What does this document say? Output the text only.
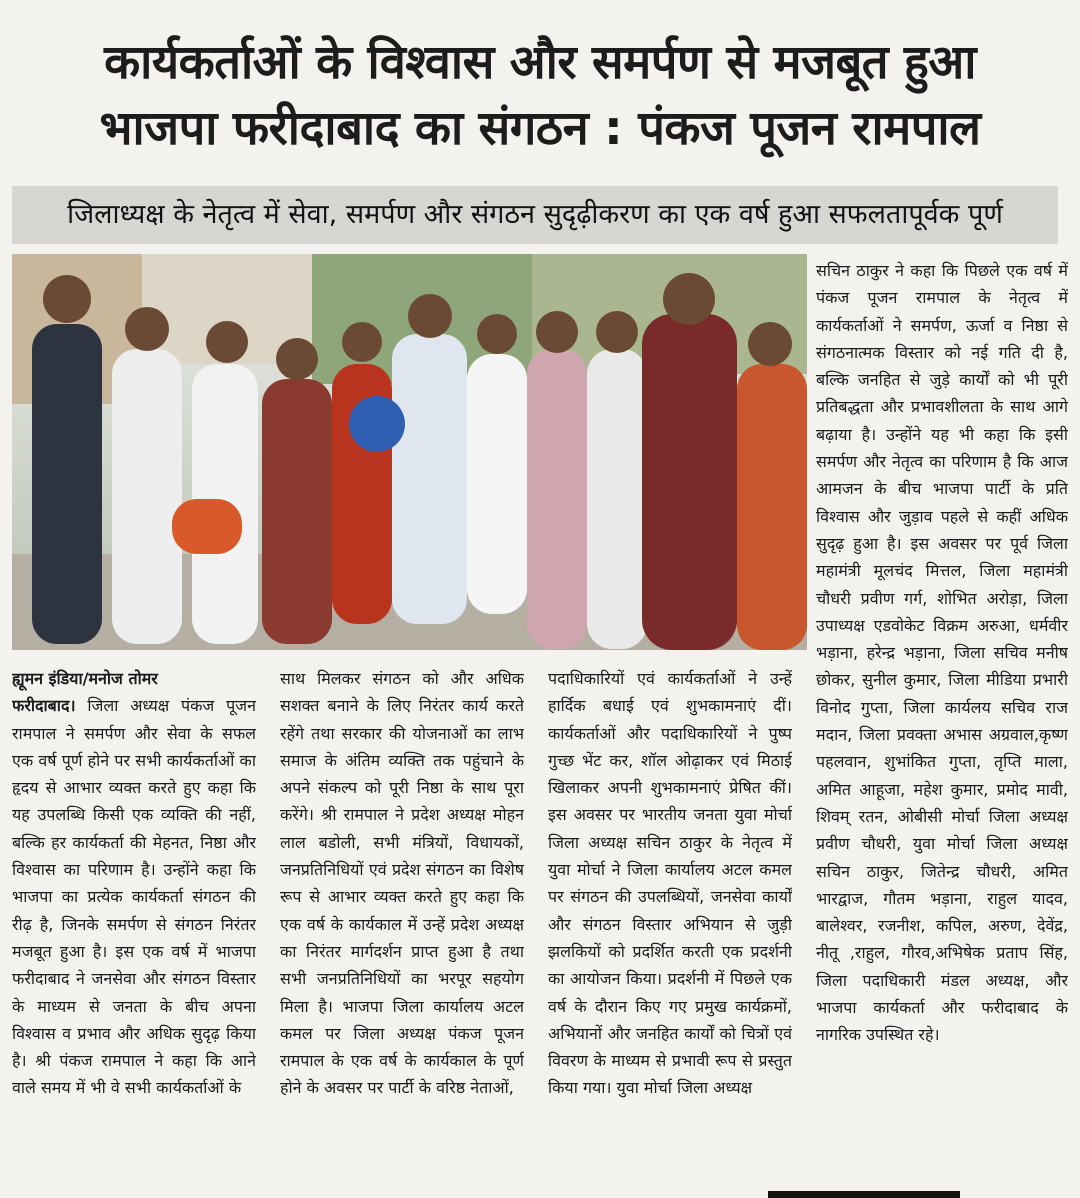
कार्यकर्ताओं के विश्वास और समर्पण से मजबूत हुआ
भाजपा फरीदाबाद का संगठन : पंकज पूजन रामपाल
जिलाध्यक्ष के नेतृत्व में सेवा, समर्पण और संगठन सुदृढ़ीकरण का एक वर्ष हुआ सफलतापूर्वक पूर्ण

सचिन ठाकुर ने कहा कि पिछले एक वर्ष में पंकज पूजन रामपाल के नेतृत्व में कार्यकर्ताओं ने समर्पण, ऊर्जा व निष्ठा से संगठनात्मक विस्तार को नई गति दी है, बल्कि जनहित से जुड़े कार्यों को भी पूरी प्रतिबद्धता और प्रभावशीलता के साथ आगे बढ़ाया है। उन्होंने यह भी कहा कि इसी समर्पण और नेतृत्व का परिणाम है कि आज आमजन के बीच भाजपा पार्टी के प्रति विश्वास और जुड़ाव पहले से कहीं अधिक सुदृढ़ हुआ है। इस अवसर पर पूर्व जिला महामंत्री मूलचंद मित्तल, जिला महामंत्री चौधरी प्रवीण गर्ग, शोभित अरोड़ा, जिला उपाध्यक्ष एडवोकेट विक्रम अरुआ, धर्मवीर भड़ाना, हरेन्द्र भड़ाना, जिला सचिव मनीष छोकर, सुनील कुमार, जिला मीडिया प्रभारी विनोद गुप्ता, जिला कार्यलय सचिव राज मदान, जिला प्रवक्ता अभास अग्रवाल,कृष्ण पहलवान, शुभांकित गुप्ता, तृप्ति माला, अमित आहूजा, महेश कुमार, प्रमोद मावी, शिवम् रतन, ओबीसी मोर्चा जिला अध्यक्ष प्रवीण चौधरी, युवा मोर्चा जिला अध्यक्ष सचिन ठाकुर, जितेन्द्र चौधरी, अमित भारद्वाज, गौतम भड़ाना, राहुल यादव, बालेश्वर, रजनीश, कपिल, अरुण, देवेंद्र, नीतू ,राहुल, गौरव,अभिषेक प्रताप सिंह, जिला पदाधिकारी मंडल अध्यक्ष, और भाजपा कार्यकर्ता और फरीदाबाद के नागरिक उपस्थित रहे।

ह्यूमन इंडिया/मनोज तोमर
फरीदाबाद। जिला अध्यक्ष पंकज पूजन रामपाल ने समर्पण और सेवा के सफल एक वर्ष पूर्ण होने पर सभी कार्यकर्ताओं का हृदय से आभार व्यक्त करते हुए कहा कि यह उपलब्धि किसी एक व्यक्ति की नहीं, बल्कि हर कार्यकर्ता की मेहनत, निष्ठा और विश्वास का परिणाम है। उन्होंने कहा कि भाजपा का प्रत्येक कार्यकर्ता संगठन की रीढ़ है, जिनके समर्पण से संगठन निरंतर मजबूत हुआ है। इस एक वर्ष में भाजपा फरीदाबाद ने जनसेवा और संगठन विस्तार के माध्यम से जनता के बीच अपना विश्वास व प्रभाव और अधिक सुदृढ़ किया है। श्री पंकज रामपाल ने कहा कि आने वाले समय में भी वे सभी कार्यकर्ताओं के

साथ मिलकर संगठन को और अधिक सशक्त बनाने के लिए निरंतर कार्य करते रहेंगे तथा सरकार की योजनाओं का लाभ समाज के अंतिम व्यक्ति तक पहुंचाने के अपने संकल्प को पूरी निष्ठा के साथ पूरा करेंगे। श्री रामपाल ने प्रदेश अध्यक्ष मोहन लाल बडोली, सभी मंत्रियों, विधायकों, जनप्रतिनिधियों एवं प्रदेश संगठन का विशेष रूप से आभार व्यक्त करते हुए कहा कि एक वर्ष के कार्यकाल में उन्हें प्रदेश अध्यक्ष का निरंतर मार्गदर्शन प्राप्त हुआ है तथा सभी जनप्रतिनिधियों का भरपूर सहयोग मिला है। भाजपा जिला कार्यालय अटल कमल पर जिला अध्यक्ष पंकज पूजन रामपाल के एक वर्ष के कार्यकाल के पूर्ण होने के अवसर पर पार्टी के वरिष्ठ नेताओं,

पदाधिकारियों एवं कार्यकर्ताओं ने उन्हें हार्दिक बधाई एवं शुभकामनाएं दीं। कार्यकर्ताओं और पदाधिकारियों ने पुष्प गुच्छ भेंट कर, शॉल ओढ़ाकर एवं मिठाई खिलाकर अपनी शुभकामनाएं प्रेषित कीं। इस अवसर पर भारतीय जनता युवा मोर्चा जिला अध्यक्ष सचिन ठाकुर के नेतृत्व में युवा मोर्चा ने जिला कार्यालय अटल कमल पर संगठन की उपलब्धियों, जनसेवा कार्यों और संगठन विस्तार अभियान से जुड़ी झलकियों को प्रदर्शित करती एक प्रदर्शनी का आयोजन किया। प्रदर्शनी में पिछले एक वर्ष के दौरान किए गए प्रमुख कार्यक्रमों, अभियानों और जनहित कार्यों को चित्रों एवं विवरण के माध्यम से प्रभावी रूप से प्रस्तुत किया गया। युवा मोर्चा जिला अध्यक्ष
